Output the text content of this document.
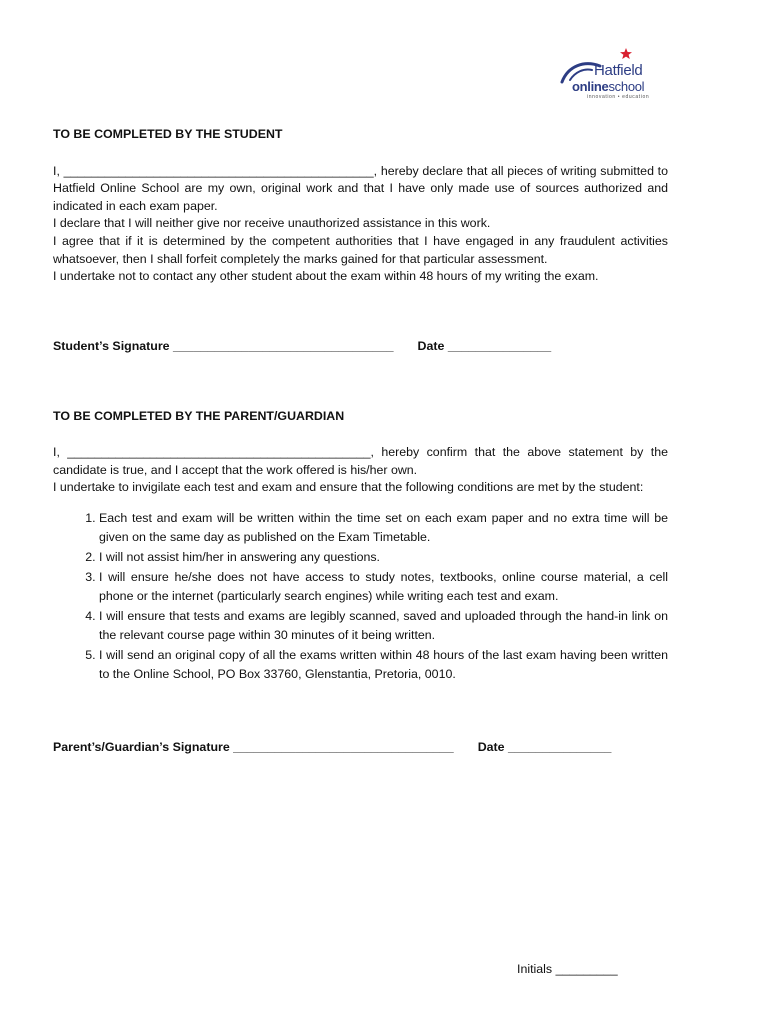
Hatfield
onlineschool
innovation • education

TO BE COMPLETED BY THE STUDENT

I, _____________________________________________, hereby declare that all pieces of writing submitted to Hatfield Online School are my own, original work and that I have only made use of sources authorized and indicated in each exam paper.

I declare that I will neither give nor receive unauthorized assistance in this work.

I agree that if it is determined by the competent authorities that I have engaged in any fraudulent activities whatsoever, then I shall forfeit completely the marks gained for that particular assessment.

I undertake not to contact any other student about the exam within 48 hours of my writing the exam.

Student’s Signature ________________________________ Date _______________

TO BE COMPLETED BY THE PARENT/GUARDIAN

I, ____________________________________________, hereby confirm that the above statement by the candidate is true, and I accept that the work offered is his/her own.

I undertake to invigilate each test and exam and ensure that the following conditions are met by the student:

1. Each test and exam will be written within the time set on each exam paper and no extra time will be given on the same day as published on the Exam Timetable.
2. I will not assist him/her in answering any questions.
3. I will ensure he/she does not have access to study notes, textbooks, online course material, a cell phone or the internet (particularly search engines) while writing each test and exam.
4. I will ensure that tests and exams are legibly scanned, saved and uploaded through the hand-in link on the relevant course page within 30 minutes of it being written.
5. I will send an original copy of all the exams written within 48 hours of the last exam having been written to the Online School, PO Box 33760, Glenstantia, Pretoria, 0010.
Parent’s/Guardian’s Signature ________________________________ Date _______________
Initials _________
